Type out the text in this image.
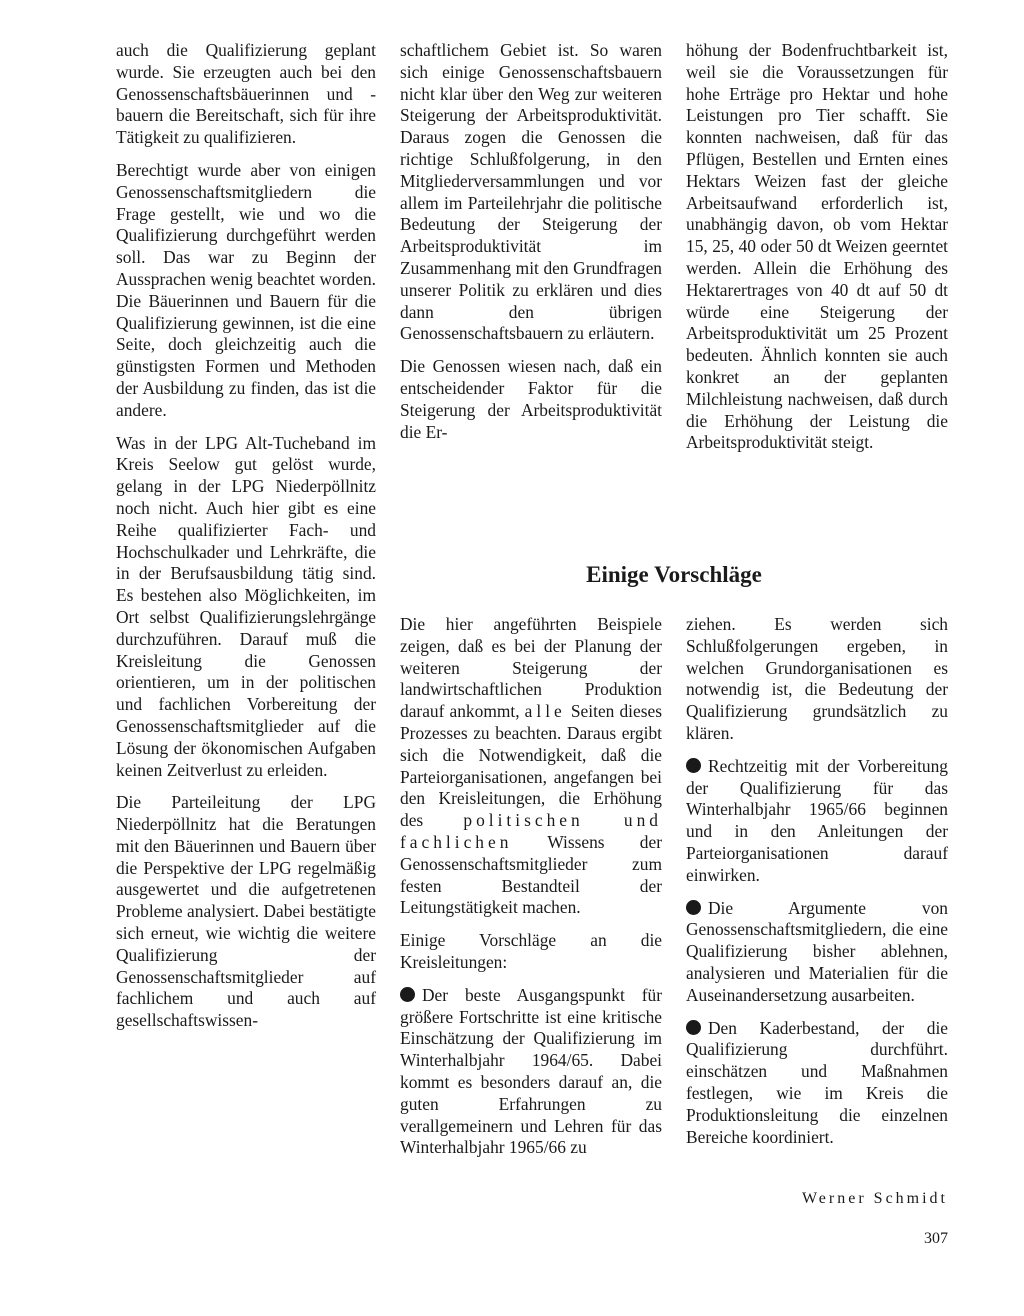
auch die Qualifizierung geplant wurde. Sie erzeugten auch bei den Genossenschaftsbäuerinnen und -bauern die Bereitschaft, sich für ihre Tätigkeit zu qualifizieren.

Berechtigt wurde aber von einigen Genossenschaftsmitgliedern die Frage gestellt, wie und wo die Qualifizierung durchgeführt werden soll. Das war zu Beginn der Aussprachen wenig beachtet worden. Die Bäuerinnen und Bauern für die Qualifizierung gewinnen, ist die eine Seite, doch gleichzeitig auch die günstigsten Formen und Methoden der Ausbildung zu finden, das ist die andere.

Was in der LPG Alt-Tucheband im Kreis Seelow gut gelöst wurde, gelang in der LPG Niederpöllnitz noch nicht. Auch hier gibt es eine Reihe qualifizierter Fach- und Hochschulkader und Lehrkräfte, die in der Berufsausbildung tätig sind. Es bestehen also Möglichkeiten, im Ort selbst Qualifizierungslehrgänge durchzuführen. Darauf muß die Kreisleitung die Genossen orientieren, um in der politischen und fachlichen Vorbereitung der Genossenschaftsmitglieder auf die Lösung der ökonomischen Aufgaben keinen Zeitverlust zu erleiden.

Die Parteileitung der LPG Niederpöllnitz hat die Beratungen mit den Bäuerinnen und Bauern über die Perspektive der LPG regelmäßig ausgewertet und die aufgetretenen Probleme analysiert. Dabei bestätigte sich erneut, wie wichtig die weitere Qualifizierung der Genossenschaftsmitglieder auf fachlichem und auch auf gesellschaftswissen-

schaftlichem Gebiet ist. So waren sich einige Genossenschaftsbauern nicht klar über den Weg zur weiteren Steigerung der Arbeitsproduktivität. Daraus zogen die Genossen die richtige Schlußfolgerung, in den Mitgliederversammlungen und vor allem im Parteilehrjahr die politische Bedeutung der Steigerung der Arbeitsproduktivität im Zusammenhang mit den Grundfragen unserer Politik zu erklären und dies dann den übrigen Genossenschaftsbauern zu erläutern.

Die Genossen wiesen nach, daß ein entscheidender Faktor für die Steigerung der Arbeitsproduktivität die Er-

höhung der Bodenfruchtbarkeit ist, weil sie die Voraussetzungen für hohe Erträge pro Hektar und hohe Leistungen pro Tier schafft. Sie konnten nachweisen, daß für das Pflügen, Bestellen und Ernten eines Hektars Weizen fast der gleiche Arbeitsaufwand erforderlich ist, unabhängig davon, ob vom Hektar 15, 25, 40 oder 50 dt Weizen geerntet werden. Allein die Erhöhung des Hektarertrages von 40 dt auf 50 dt würde eine Steigerung der Arbeitsproduktivität um 25 Prozent bedeuten. Ähnlich konnten sie auch konkret an der geplanten Milchleistung nachweisen, daß durch die Erhöhung der Leistung die Arbeitsproduktivität steigt.

Einige Vorschläge

Die hier angeführten Beispiele zeigen, daß es bei der Planung der weiteren Steigerung der landwirtschaftlichen Produktion darauf ankommt, alle Seiten dieses Prozesses zu beachten. Daraus ergibt sich die Notwendigkeit, daß die Parteiorganisationen, angefangen bei den Kreisleitungen, die Erhöhung des politischen und fachlichen Wissens der Genossenschaftsmitglieder zum festen Bestandteil der Leitungstätigkeit machen.

Einige Vorschläge an die Kreisleitungen:

Der beste Ausgangspunkt für größere Fortschritte ist eine kritische Einschätzung der Qualifizierung im Winterhalbjahr 1964/65. Dabei kommt es besonders darauf an, die guten Erfahrungen zu verallgemeinern und Lehren für das Winterhalbjahr 1965/66 zu

ziehen. Es werden sich Schlußfolgerungen ergeben, in welchen Grundorganisationen es notwendig ist, die Bedeutung der Qualifizierung grundsätzlich zu klären.

Rechtzeitig mit der Vorbereitung der Qualifizierung für das Winterhalbjahr 1965/66 beginnen und in den Anleitungen der Parteiorganisationen darauf einwirken.

Die Argumente von Genossenschaftsmitgliedern, die eine Qualifizierung bisher ablehnen, analysieren und Materialien für die Auseinandersetzung ausarbeiten.

Den Kaderbestand, der die Qualifizierung durchführt. einschätzen und Maßnahmen festlegen, wie im Kreis die Produktionsleitung die einzelnen Bereiche koordiniert.

Werner Schmidt
307
